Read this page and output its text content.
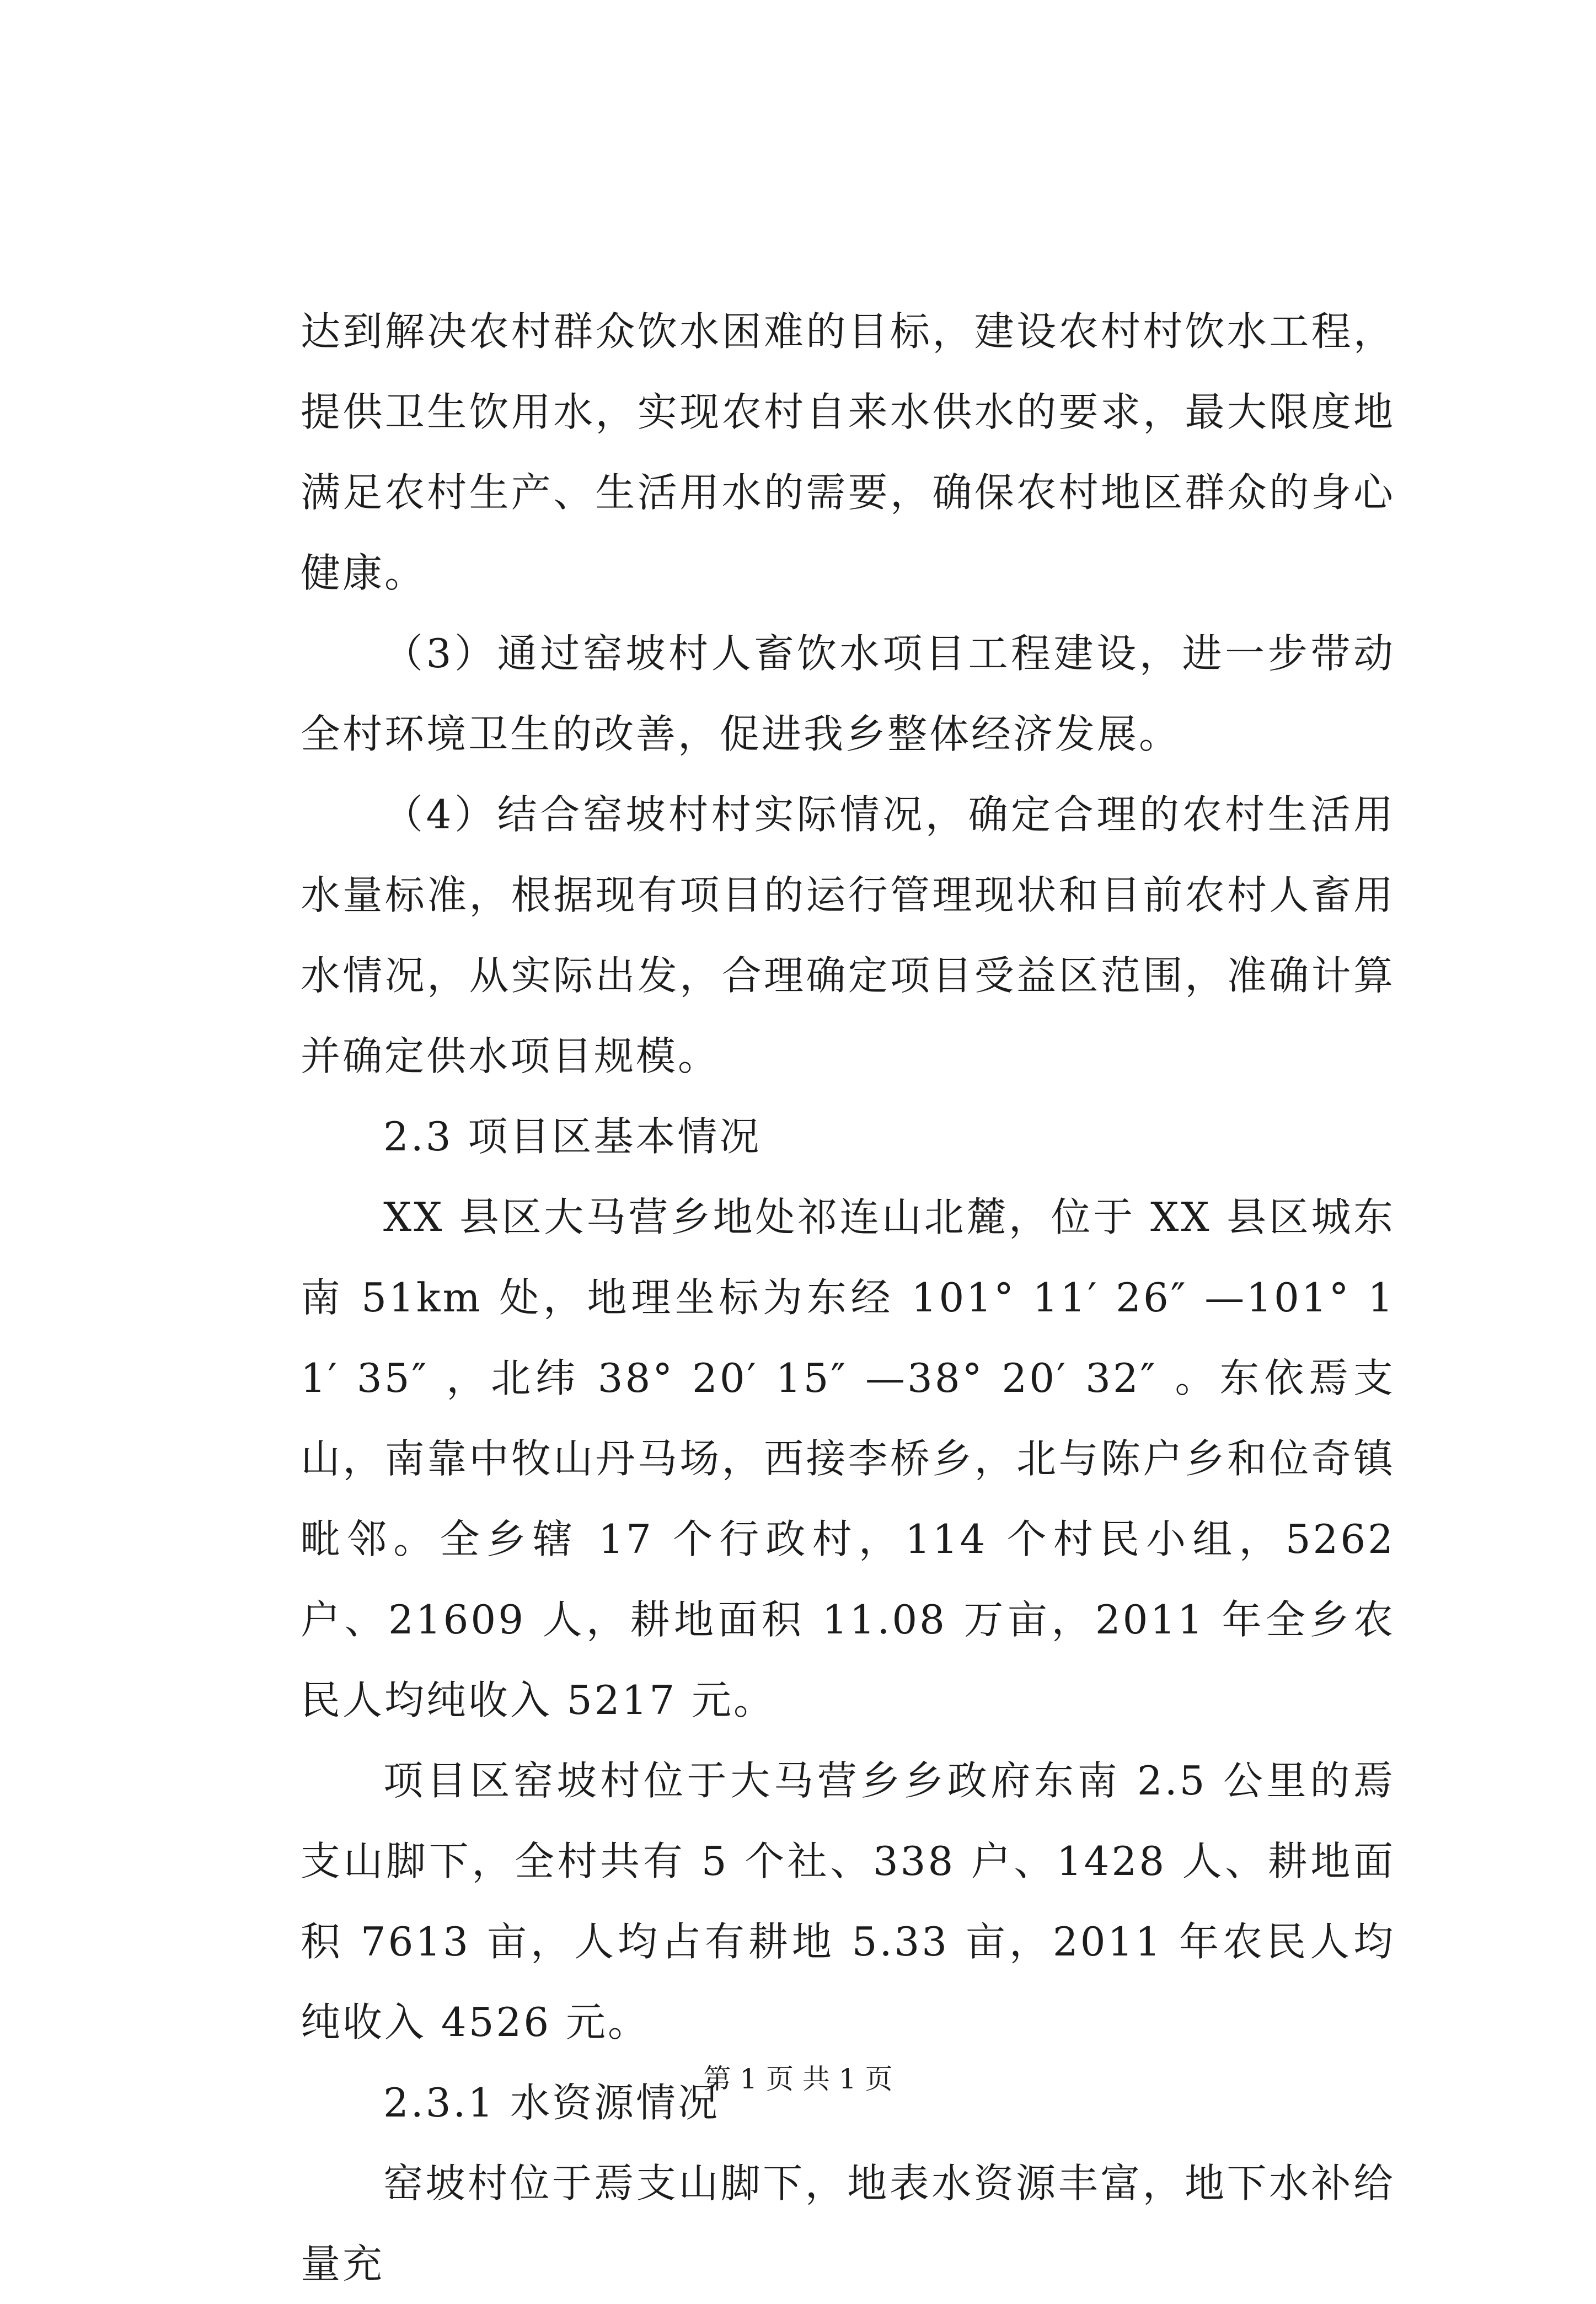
达到解决农村群众饮水困难的目标，建设农村村饮水工程，提供卫生饮用水，实现农村自来水供水的要求，最大限度地满足农村生产、生活用水的需要，确保农村地区群众的身心健康。

（3）通过窑坡村人畜饮水项目工程建设，进一步带动全村环境卫生的改善，促进我乡整体经济发展。

（4）结合窑坡村村实际情况，确定合理的农村生活用水量标准，根据现有项目的运行管理现状和目前农村人畜用水情况，从实际出发，合理确定项目受益区范围，准确计算并确定供水项目规模。

2.3 项目区基本情况

XX 县区大马营乡地处祁连山北麓，位于 XX 县区城东南 51km 处，地理坐标为东经 101° 11′ 26″ —101° 11′ 35″ ，北纬 38° 20′ 15″ —38° 20′ 32″ 。东依焉支山，南靠中牧山丹马场，西接李桥乡，北与陈户乡和位奇镇毗邻。全乡辖 17 个行政村，114 个村民小组，5262 户、21609 人，耕地面积 11.08 万亩，2011 年全乡农民人均纯收入 5217 元。

项目区窑坡村位于大马营乡乡政府东南 2.5 公里的焉支山脚下，全村共有 5 个社、338 户、1428 人、耕地面积 7613 亩，人均占有耕地 5.33 亩，2011 年农民人均纯收入 4526 元。

2.3.1 水资源情况

窑坡村位于焉支山脚下，地表水资源丰富，地下水补给量充

第 1 页 共 1 页
